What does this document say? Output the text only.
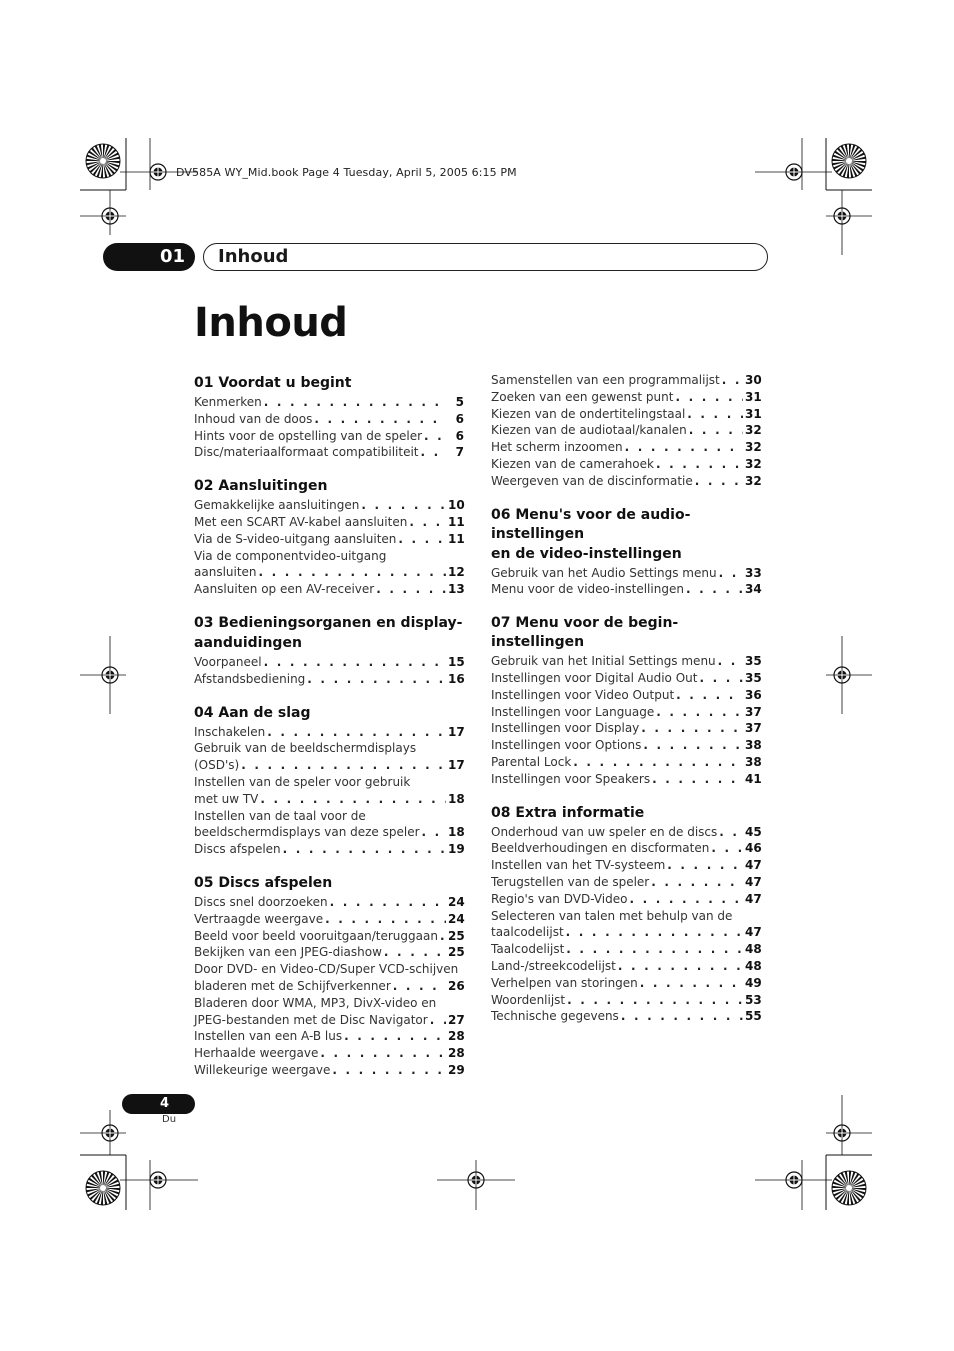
DV585A WY_Mid.book Page 4 Tuesday, April 5, 2005 6:15 PM
01	Inhoud
Inhoud
01 Voordat u begint
Kenmerken . . .	5
Inhoud van de doos . . .	6
Hints voor de opstelling van de speler . . .	6
Disc/materiaalformaat compatibiliteit . . .	7
02 Aansluitingen
Gemakkelijke aansluitingen . . .	10
Met een SCART AV-kabel aansluiten . . .	11
Via de S-video-uitgang aansluiten . . .	11
Via de componentvideo-uitgang
aansluiten . . .	12
Aansluiten op een AV-receiver . . .	13
03 Bedieningsorganen en display-
aanduidingen
Voorpaneel . . .	15
Afstandsbediening . . .	16
04 Aan de slag
Inschakelen . . .	17
Gebruik van de beeldschermdisplays
(OSD's) . . .	17
Instellen van de speler voor gebruik
met uw TV . . .	18
Instellen van de taal voor de
beeldschermdisplays van deze speler . . . 18
Discs afspelen . . .	19
05 Discs afspelen
Discs snel doorzoeken . . .	24
Vertraagde weergave . . .	24
Beeld voor beeld vooruitgaan/teruggaan . . . 25
Bekijken van een JPEG-diashow . . .	25
Door DVD- en Video-CD/Super VCD-schijven
bladeren met de Schijfverkenner . . .	26
Bladeren door WMA, MP3, DivX-video en
JPEG-bestanden met de Disc Navigator . . . 27
Instellen van een A-B lus . . .	28
Herhaalde weergave . . .	28
Willekeurige weergave . . .	29
Samenstellen van een programmalijst . . . 30
Zoeken van een gewenst punt . . .	31
Kiezen van de ondertitelingstaal . . .	31
Kiezen van de audiotaal/kanalen . . .	32
Het scherm inzoomen . . .	32
Kiezen van de camerahoek . . .	32
Weergeven van de discinformatie . . .	32
06 Menu's voor de audio-instellingen
en de video-instellingen
Gebruik van het Audio Settings menu . . . 33
Menu voor de video-instellingen . . .	34
07 Menu voor de begin-instellingen
Gebruik van het Initial Settings menu . . . 35
Instellingen voor Digital Audio Out . . .	35
Instellingen voor Video Output . . .	36
Instellingen voor Language . . .	37
Instellingen voor Display . . .	37
Instellingen voor Options . . .	38
Parental Lock . . .	38
Instellingen voor Speakers . . .	41
08 Extra informatie
Onderhoud van uw speler en de discs . . . 45
Beeldverhoudingen en discformaten . . .	46
Instellen van het TV-systeem . . .	47
Terugstellen van de speler . . .	47
Regio's van DVD-Video . . .	47
Selecteren van talen met behulp van de
taalcodelijst . . .	47
Taalcodelijst . . .	48
Land-/streekcodelijst . . .	48
Verhelpen van storingen . . .	49
Woordenlijst . . .	53
Technische gegevens . . .	55
4
Du
